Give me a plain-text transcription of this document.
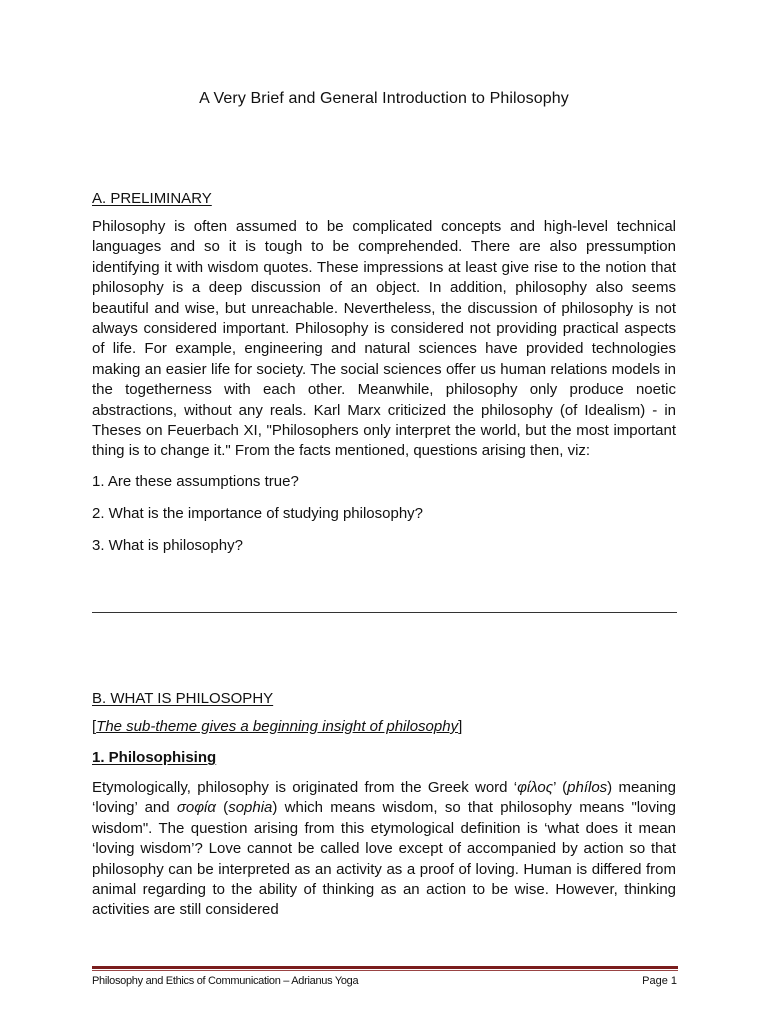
A Very Brief and General Introduction to Philosophy
A. PRELIMINARY

Philosophy is often assumed to be complicated concepts and high-level technical languages and so it is tough to be comprehended. There are also pressumption identifying it with wisdom quotes. These impressions at least give rise to the notion that philosophy is a deep discussion of an object. In addition, philosophy also seems beautiful and wise, but unreachable. Nevertheless, the discussion of philosophy is not always considered important. Philosophy is considered not providing practical aspects of life. For example, engineering and natural sciences have provided technologies making an easier life for society. The social sciences offer us human relations models in the togetherness with each other. Meanwhile, philosophy only produce noetic abstractions, without any reals. Karl Marx criticized the philosophy (of Idealism) - in Theses on Feuerbach XI, "Philosophers only interpret the world, but the most important thing is to change it." From the facts mentioned, questions arising then, viz:

1. Are these assumptions true?
2. What is the importance of studying philosophy?
3. What is philosophy?
B. WHAT IS PHILOSOPHY
[The sub-theme gives a beginning insight of philosophy]
1. Philosophising

Etymologically, philosophy is originated from the Greek word ‘φίλος’ (phílos) meaning ‘loving’ and σοφία (sophia) which means wisdom, so that philosophy means "loving wisdom". The question arising from this etymological definition is ‘what does it mean ‘loving wisdom’? Love cannot be called love except of accompanied by action so that philosophy can be interpreted as an activity as a proof of loving. Human is differed from animal regarding to the ability of thinking as an action to be wise. However, thinking activities are still considered

Philosophy and Ethics of Communication – Adrianus Yoga	Page 1
